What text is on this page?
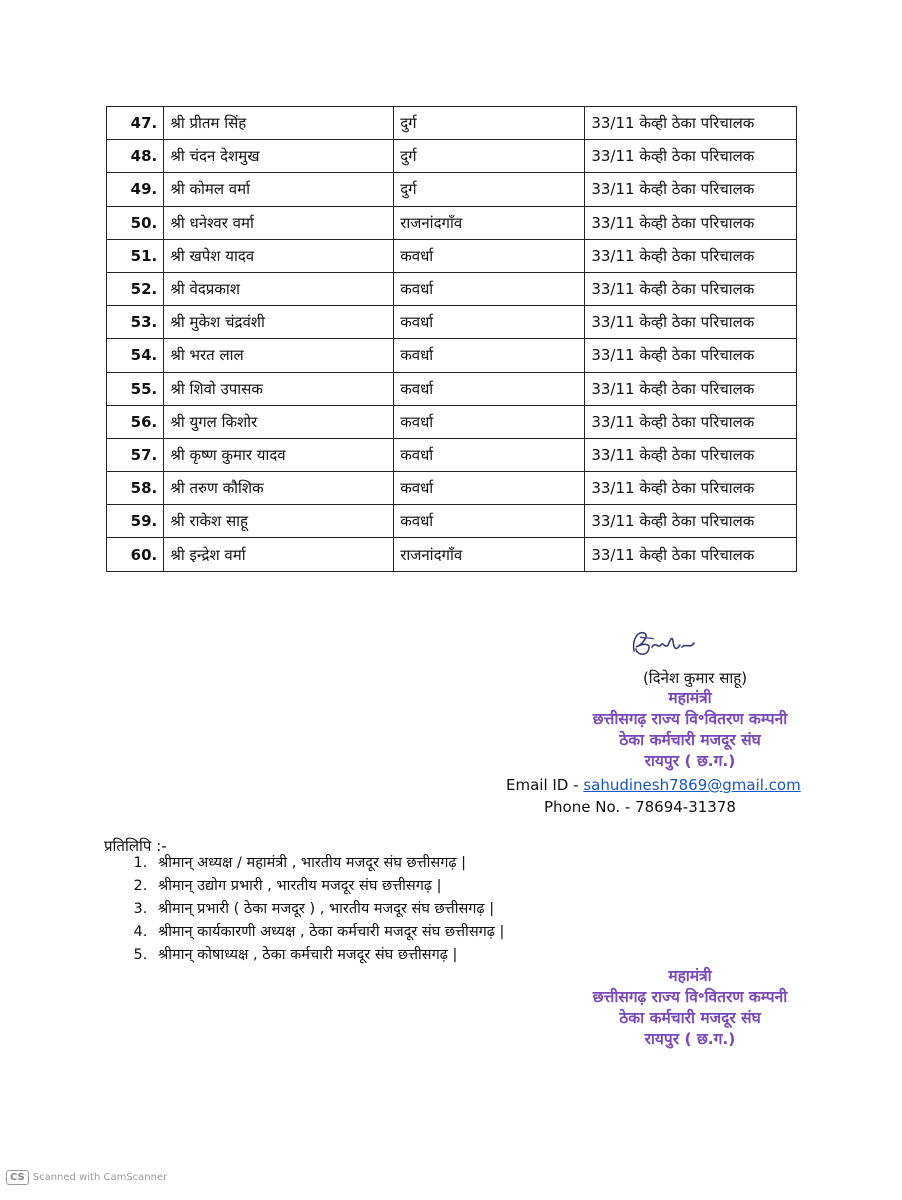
47.	श्री प्रीतम सिंह	दुर्ग	33/11 केव्ही ठेका परिचालक
48.	श्री चंदन देशमुख	दुर्ग	33/11 केव्ही ठेका परिचालक
49.	श्री कोमल वर्मा	दुर्ग	33/11 केव्ही ठेका परिचालक
50.	श्री धनेश्वर वर्मा	राजनांदगाँव	33/11 केव्ही ठेका परिचालक
51.	श्री खपेश यादव	कवर्धा	33/11 केव्ही ठेका परिचालक
52.	श्री वेदप्रकाश	कवर्धा	33/11 केव्ही ठेका परिचालक
53.	श्री मुकेश चंद्रवंशी	कवर्धा	33/11 केव्ही ठेका परिचालक
54.	श्री भरत लाल	कवर्धा	33/11 केव्ही ठेका परिचालक
55.	श्री शिवो उपासक	कवर्धा	33/11 केव्ही ठेका परिचालक
56.	श्री युगल किशोर	कवर्धा	33/11 केव्ही ठेका परिचालक
57.	श्री कृष्ण कुमार यादव	कवर्धा	33/11 केव्ही ठेका परिचालक
58.	श्री तरुण कौशिक	कवर्धा	33/11 केव्ही ठेका परिचालक
59.	श्री राकेश साहू	कवर्धा	33/11 केव्ही ठेका परिचालक
60.	श्री इन्द्रेश वर्मा	राजनांदगाँव	33/11 केव्ही ठेका परिचालक
(दिनेश कुमार साहू)
महामंत्री
छत्तीसगढ़ राज्य वि॰वितरण कम्पनी
ठेका कर्मचारी मजदूर संघ
रायपुर ( छ.ग.)
Email ID - sahudinesh7869@gmail.com
Phone No. - 78694-31378
प्रतिलिपि :-
1. श्रीमान् अध्यक्ष / महामंत्री , भारतीय मजदूर संघ छत्तीसगढ़ |
2. श्रीमान् उद्योग प्रभारी , भारतीय मजदूर संघ छत्तीसगढ़ |
3. श्रीमान् प्रभारी ( ठेका मजदूर ) , भारतीय मजदूर संघ छत्तीसगढ़ |
4. श्रीमान् कार्यकारणी अध्यक्ष , ठेका कर्मचारी मजदूर संघ छत्तीसगढ़ |
5. श्रीमान् कोषाध्यक्ष , ठेका कर्मचारी मजदूर संघ छत्तीसगढ़ |
महामंत्री
छत्तीसगढ़ राज्य वि॰वितरण कम्पनी
ठेका कर्मचारी मजदूर संघ
रायपुर ( छ.ग.)
CS Scanned with CamScanner
